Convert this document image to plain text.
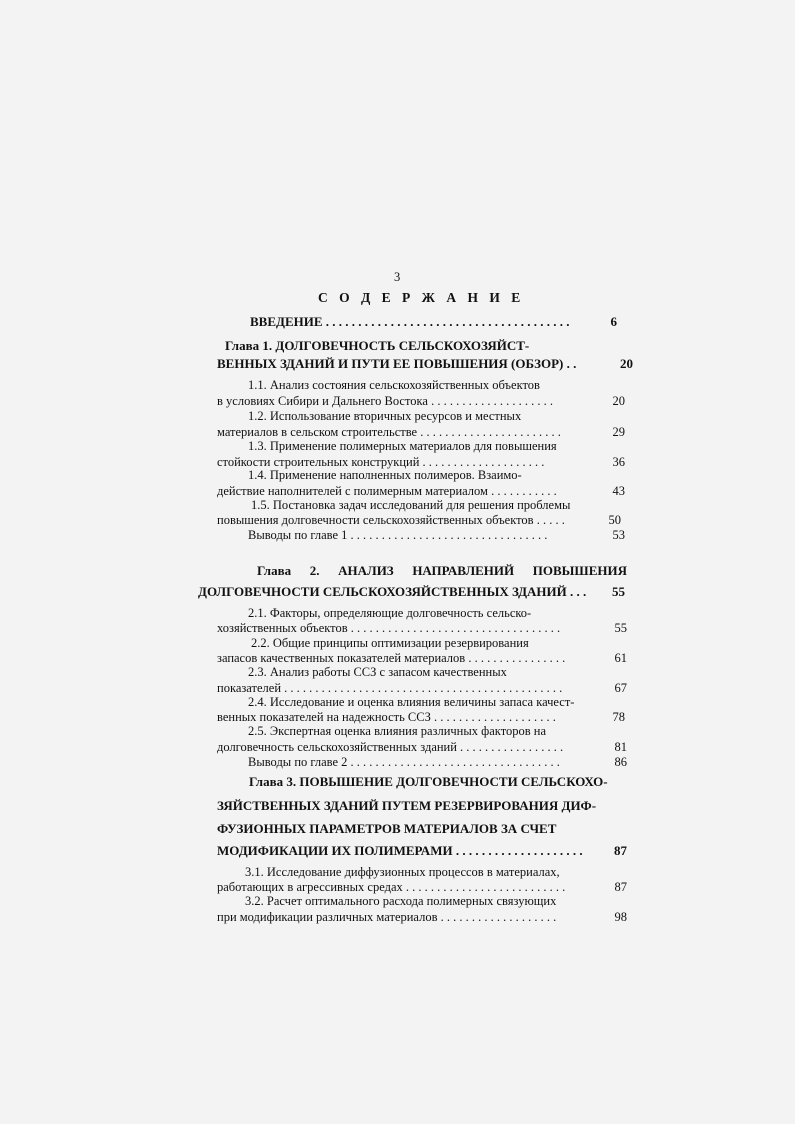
3
С О Д Е Р Ж А Н И Е
ВВЕДЕНИЕ . . . . . . . . . . . . . . . . . . . . . . . . . . . . . . . . . . . . . .	6
Глава 1. ДОЛГОВЕЧНОСТЬ СЕЛЬСКОХОЗЯЙСТ-
ВЕННЫХ ЗДАНИЙ И ПУТИ ЕЕ ПОВЫШЕНИЯ (ОБЗОР) . .	20
1.1. Анализ состояния сельскохозяйственных объектов
в условиях Сибири и Дальнего Востока . . . . . . . . . . . . . . . . . . . .	20
1.2. Использование вторичных ресурсов и местных
материалов в сельском строительстве . . . . . . . . . . . . . . . . . . . . . . .	29
1.3. Применение полимерных материалов для повышения
стойкости строительных конструкций . . . . . . . . . . . . . . . . . . . .	36
1.4. Применение наполненных полимеров. Взаимо-
действие наполнителей с полимерным материалом . . . . . . . . . . .	43
1.5. Постановка задач исследований для решения проблемы
повышения долговечности сельскохозяйственных объектов . . . . .	50
Выводы по главе 1 . . . . . . . . . . . . . . . . . . . . . . . . . . . . . . . .	53
Глава 2. АНАЛИЗ НАПРАВЛЕНИЙ ПОВЫШЕНИЯ
ДОЛГОВЕЧНОСТИ СЕЛЬСКОХОЗЯЙСТВЕННЫХ ЗДАНИЙ . . . 55
2.1. Факторы, определяющие долговечность сельско-
хозяйственных объектов . . . . . . . . . . . . . . . . . . . . . . . . . . . . . . . . . .	55
2.2. Общие принципы оптимизации резервирования
запасов качественных показателей материалов . . . . . . . . . . . . . . . .	61
2.3. Анализ работы ССЗ с запасом качественных
показателей . . . . . . . . . . . . . . . . . . . . . . . . . . . . . . . . . . . . . . . . . . . . .	67
2.4. Исследование и оценка влияния величины запаса качест-
венных показателей на надежность ССЗ . . . . . . . . . . . . . . . . . . . .	78
2.5. Экспертная оценка влияния различных факторов на
долговечность сельскохозяйственных зданий . . . . . . . . . . . . . . . . .	81
Выводы по главе 2 . . . . . . . . . . . . . . . . . . . . . . . . . . . . . . . . . .	86
Глава 3. ПОВЫШЕНИЕ ДОЛГОВЕЧНОСТИ СЕЛЬСКОХО-
ЗЯЙСТВЕННЫХ ЗДАНИЙ ПУТЕМ РЕЗЕРВИРОВАНИЯ ДИФ-
ФУЗИОННЫХ ПАРАМЕТРОВ МАТЕРИАЛОВ ЗА СЧЕТ
МОДИФИКАЦИИ ИХ ПОЛИМЕРАМИ . . . . . . . . . . . . . . . . . . . . 87
3.1. Исследование диффузионных процессов в материалах,
работающих в агрессивных средах . . . . . . . . . . . . . . . . . . . . . . . . . .	87
3.2. Расчет оптимального расхода полимерных связующих
при модификации различных материалов . . . . . . . . . . . . . . . . . . .	98
